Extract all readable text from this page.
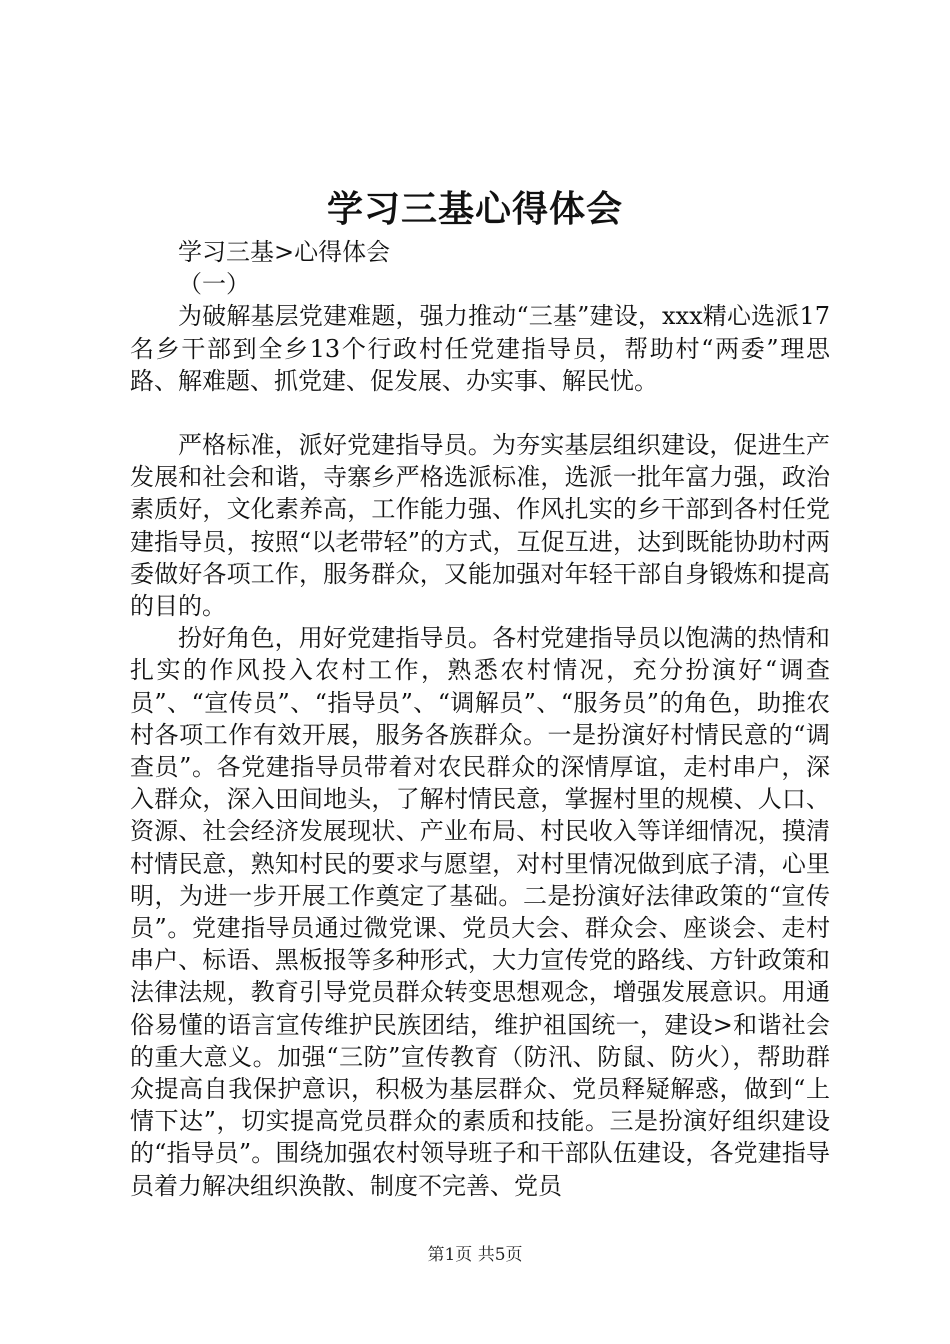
学习三基心得体会

学习三基>心得体会

（一）

为破解基层党建难题，强力推动“三基”建设，xxx精心选派17名乡干部到全乡13个行政村任党建指导员，帮助村“两委”理思路、解难题、抓党建、促发展、办实事、解民忧。

严格标准，派好党建指导员。为夯实基层组织建设，促进生产发展和社会和谐，寺寨乡严格选派标准，选派一批年富力强，政治素质好，文化素养高，工作能力强、作风扎实的乡干部到各村任党建指导员，按照“以老带轻”的方式，互促互进，达到既能协助村两委做好各项工作，服务群众，又能加强对年轻干部自身锻炼和提高的目的。

扮好角色，用好党建指导员。各村党建指导员以饱满的热情和扎实的作风投入农村工作，熟悉农村情况，充分扮演好“调查员”、“宣传员”、“指导员”、“调解员”、“服务员”的角色，助推农村各项工作有效开展，服务各族群众。一是扮演好村情民意的“调查员”。各党建指导员带着对农民群众的深情厚谊，走村串户，深入群众，深入田间地头，了解村情民意，掌握村里的规模、人口、资源、社会经济发展现状、产业布局、村民收入等详细情况，摸清村情民意，熟知村民的要求与愿望，对村里情况做到底子清，心里明，为进一步开展工作奠定了基础。二是扮演好法律政策的“宣传员”。党建指导员通过微党课、党员大会、群众会、座谈会、走村串户、标语、黑板报等多种形式，大力宣传党的路线、方针政策和法律法规，教育引导党员群众转变思想观念，增强发展意识。用通俗易懂的语言宣传维护民族团结，维护祖国统一，建设>和谐社会的重大意义。加强“三防”宣传教育（防汛、防鼠、防火），帮助群众提高自我保护意识，积极为基层群众、党员释疑解惑，做到“上情下达”，切实提高党员群众的素质和技能。三是扮演好组织建设的“指导员”。围绕加强农村领导班子和干部队伍建设，各党建指导员着力解决组织涣散、制度不完善、党员

第1页 共5页
